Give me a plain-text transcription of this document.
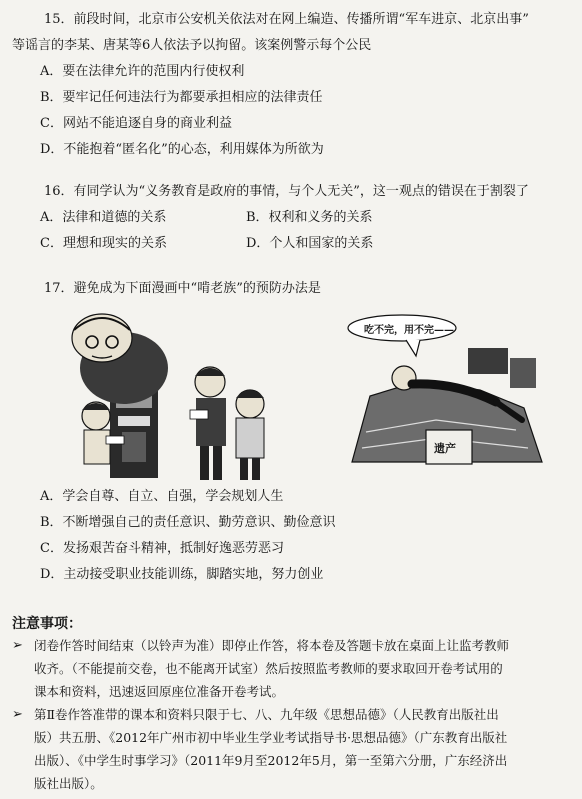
15．前段时间，北京市公安机关依法对在网上编造、传播所谓“军车进京、北京出事”
等谣言的李某、唐某等6人依法予以拘留。该案例警示每个公民
A．要在法律允许的范围内行使权利
B．要牢记任何违法行为都要承担相应的法律责任
C．网站不能追逐自身的商业利益
D．不能抱着“匿名化”的心态，利用媒体为所欲为
16．有同学认为“义务教育是政府的事情，与个人无关”，这一观点的错误在于割裂了
A．法律和道德的关系	B．权利和义务的关系
C．理想和现实的关系	D．个人和国家的关系
17．避免成为下面漫画中“啃老族”的预防办法是
吃不完，用不完——
遗产
A．学会自尊、自立、自强，学会规划人生
B．不断增强自己的责任意识、勤劳意识、勤俭意识
C．发扬艰苦奋斗精神，抵制好逸恶劳恶习
D．主动接受职业技能训练，脚踏实地，努力创业
注意事项：
➢ 闭卷作答时间结束（以铃声为准）即停止作答，将本卷及答题卡放在桌面上让监考教师
收齐。（不能提前交卷，也不能离开试室）然后按照监考教师的要求取回开卷考试用的
课本和资料，迅速返回原座位准备开卷考试。
➢ 第Ⅱ卷作答准带的课本和资料只限于七、八、九年级《思想品德》（人民教育出版社出
版）共五册、《2012年广州市初中毕业生学业考试指导书·思想品德》（广东教育出版社
出版）、《中学生时事学习》（2011年9月至2012年5月，第一至第六分册，广东经济出
版社出版）。
